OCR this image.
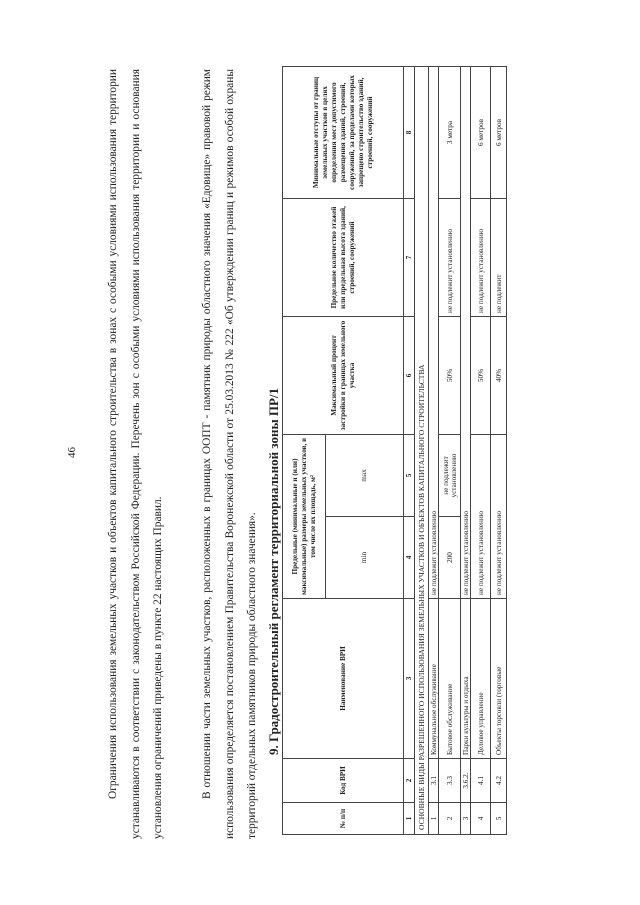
46	Ограничения использования земельных участков и объектов капитального строительства в зонах с особыми условиями использования территории устанавливаются в соответствии с законодательством Российской Федерации. Перечень зон с особыми условиями использования территории и основания установления ограничений приведены в пункте 22 настоящих Правил.	В отношении части земельных участков, расположенных в границах ООПТ - памятник природы областного значения «Едовище» правовой режим использования определяется постановлением Правительства Воронежской области от 25.03.2013 № 222 «Об утверждении границ и режимов особой охраны территорий отдельных памятников природы областного значения». 9. Градостроительный регламент территориальной зоны ПР/1
№ п/п	Код ВРИ	Наименование ВРИ	Предельные (минимальные и (или) максимальные) размеры земельных участков, в том числе их площадь, м²		Максимальный процент застройки в границах земельного участка	Предельное количество этажей или предельная высота зданий, строений, сооружений	Минимальные отступы от границ земельных участков в целях определения мест допустимого размещения зданий, строений, сооружений, за пределами которых запрещено строительство зданий, строений, сооружений
			min	max			
1	2	3	4	5	6	7	8
ОСНОВНЫЕ ВИДЫ РАЗРЕШЕННОГО ИСПОЛЬЗОВАНИЯ ЗЕМЕЛЬНЫХ УЧАСТКОВ И ОБЪЕКТОВ КАПИТАЛЬНОГО СТРОИТЕЛЬСТВА							
1	3.1	Коммунальное обслуживание	не подлежит установлению				
2	3.3	Бытовое обслуживание	200	не подлежит установлению	50%	не подлежит установлению	3 метра
3	3.6.2.	Парки культуры и отдыха	не подлежит установлению				
4	4.1	Деловое управление	не подлежит установлению		50%	не подлежит установлению	6 метров
5	4.2	Объекты торговли (торговые	не подлежит установлению		40%	не подлежит	6 метров
